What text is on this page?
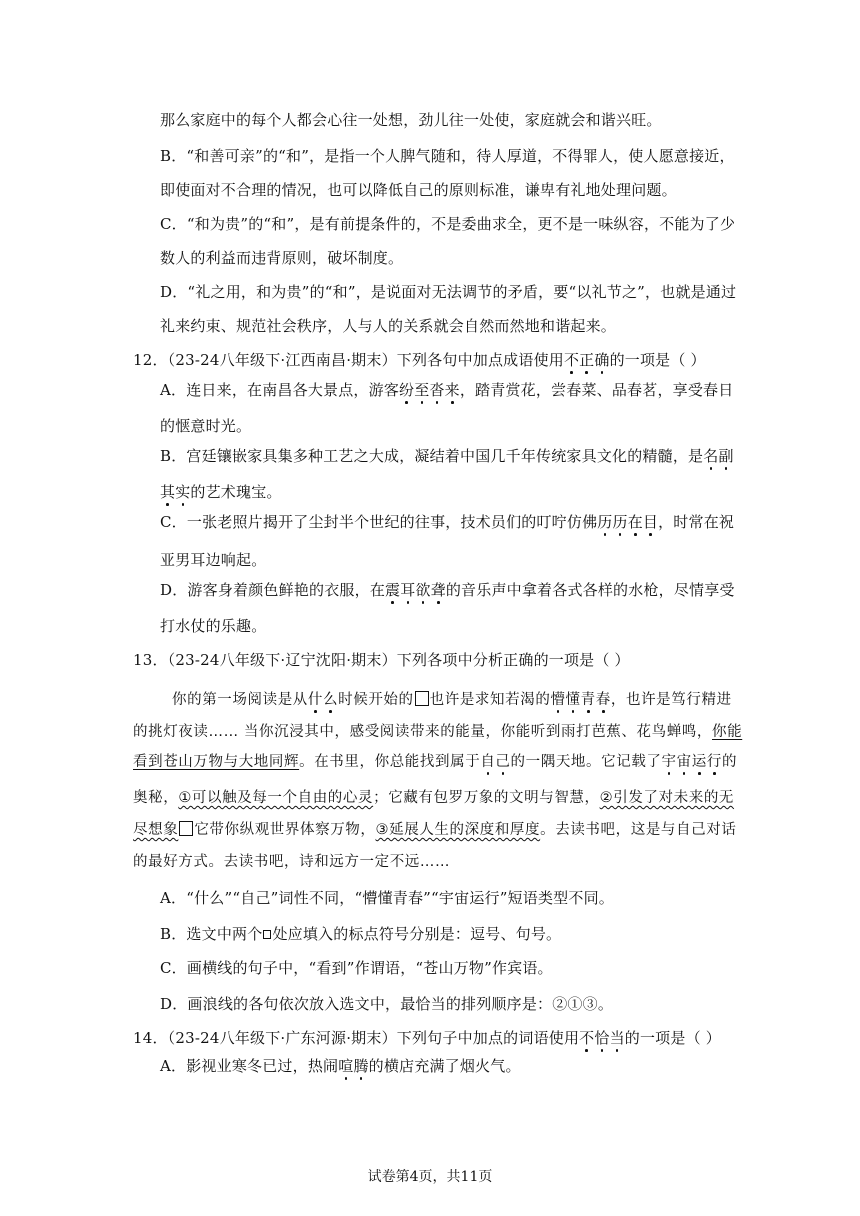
那么家庭中的每个人都会心往一处想，劲儿往一处使，家庭就会和谐兴旺。
B．“和善可亲”的“和”，是指一个人脾气随和，待人厚道，不得罪人，使人愿意接近，
即使面对不合理的情况，也可以降低自己的原则标准，谦卑有礼地处理问题。
C．“和为贵”的“和”，是有前提条件的，不是委曲求全，更不是一味纵容，不能为了少
数人的利益而违背原则，破坏制度。
D．“礼之用，和为贵”的“和”，是说面对无法调节的矛盾，要“以礼节之”，也就是通过
礼来约束、规范社会秩序，人与人的关系就会自然而然地和谐起来。
12．（23-24八年级下·江西南昌·期末）下列各句中加点成语使用不正确的一项是（ ）
A．连日来，在南昌各大景点，游客纷至沓来，踏青赏花，尝春菜、品春茗，享受春日
的惬意时光。
B．宫廷镶嵌家具集多种工艺之大成，凝结着中国几千年传统家具文化的精髓，是名副
其实的艺术瑰宝。
C．一张老照片揭开了尘封半个世纪的往事，技术员们的叮咛仿佛历历在目，时常在祝
亚男耳边响起。
D．游客身着颜色鲜艳的衣服，在震耳欲聋的音乐声中拿着各式各样的水枪，尽情享受
打水仗的乐趣。
13．（23-24八年级下·辽宁沈阳·期末）下列各项中分析正确的一项是（ ）
你的第一场阅读是从什么时候开始的 也许是求知若渴的懵懂青春，也许是笃行精进
的挑灯夜读…… 当你沉浸其中，感受阅读带来的能量，你能听到雨打芭蕉、花鸟蝉鸣，你能
看到苍山万物与大地同辉。在书里，你总能找到属于自己的一隅天地。它记载了宇宙运行的
奥秘，①可以触及每一个自由的心灵；它藏有包罗万象的文明与智慧，②引发了对未来的无
尽想象 它带你纵观世界体察万物，③延展人生的深度和厚度。去读书吧，这是与自己对话
的最好方式。去读书吧，诗和远方一定不远……
A．“什么”“自己”词性不同，“懵懂青春”“宇宙运行”短语类型不同。
B．选文中两个 处应填入的标点符号分别是：逗号、句号。
C．画横线的句子中，“看到”作谓语，“苍山万物”作宾语。
D．画浪线的各句依次放入选文中，最恰当的排列顺序是：②①③。
14．（23-24八年级下·广东河源·期末）下列句子中加点的词语使用不恰当的一项是（ ）
A．影视业寒冬已过，热闹喧腾的横店充满了烟火气。
试卷第4页，共11页
